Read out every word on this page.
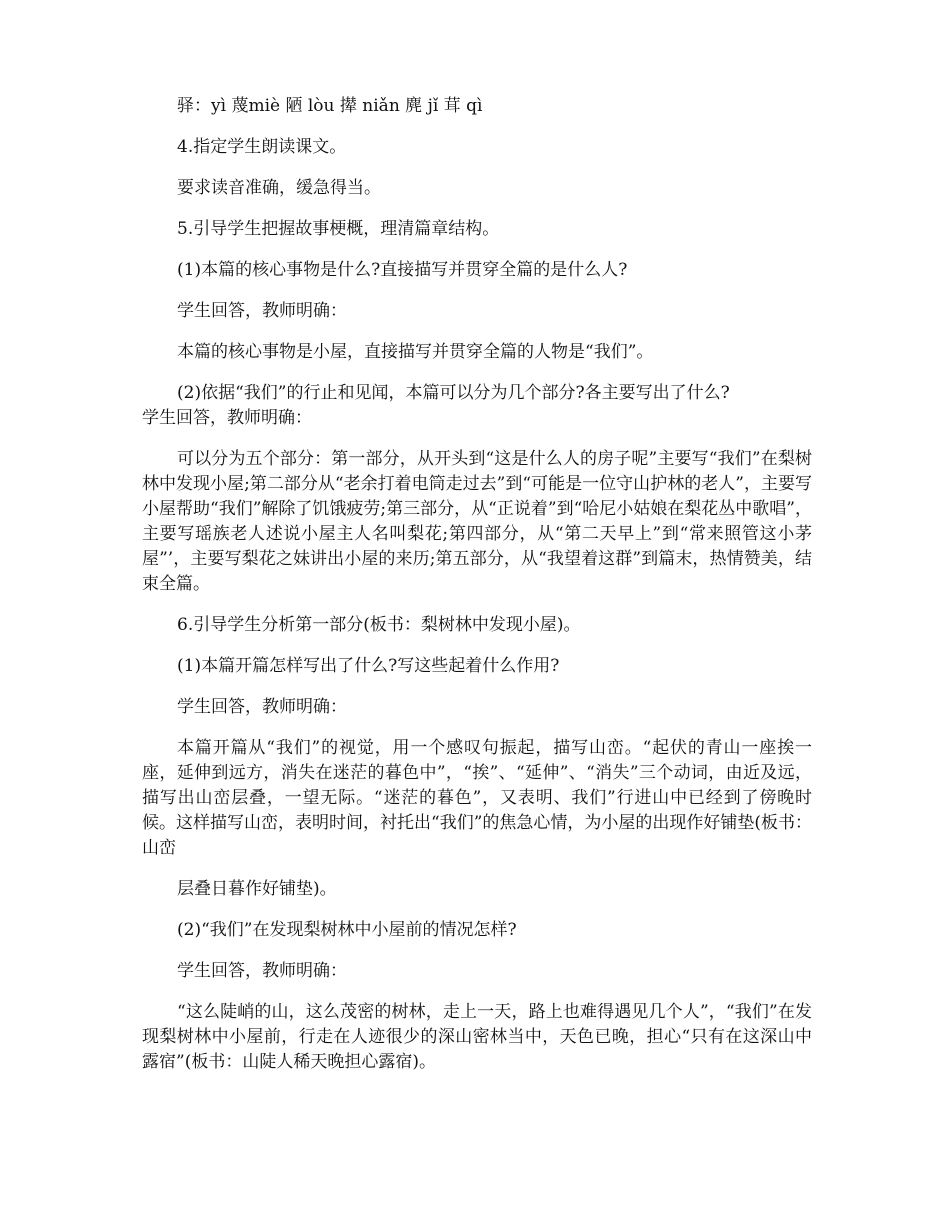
驿：yì 蔑miè 陋 lòu 撵 niǎn 麂 jǐ 茸 qì

4.指定学生朗读课文。

要求读音准确，缓急得当。

5.引导学生把握故事梗概，理清篇章结构。

(1)本篇的核心事物是什么?直接描写并贯穿全篇的是什么人?

学生回答，教师明确：

本篇的核心事物是小屋，直接描写并贯穿全篇的人物是“我们”。

(2)依据“我们”的行止和见闻，本篇可以分为几个部分?各主要写出了什么?

学生回答，教师明确：

可以分为五个部分：第一部分，从开头到“这是什么人的房子呢”主要写“我们”在梨树林中发现小屋;第二部分从“老余打着电筒走过去”到“可能是一位守山护林的老人”，主要写小屋帮助“我们”解除了饥饿疲劳;第三部分，从“正说着”到“哈尼小姑娘在梨花丛中歌唱”，主要写瑶族老人述说小屋主人名叫梨花;第四部分，从“第二天早上”到“常来照管这小茅屋”’，主要写梨花之妹讲出小屋的来历;第五部分，从“我望着这群”到篇末，热情赞美，结束全篇。

6.引导学生分析第一部分(板书：梨树林中发现小屋)。

(1)本篇开篇怎样写出了什么?写这些起着什么作用?

学生回答，教师明确：

本篇开篇从“我们”的视觉，用一个感叹句振起，描写山峦。“起伏的青山一座挨一座，延伸到远方，消失在迷茫的暮色中”，“挨”、“延伸”、“消失”三个动词，由近及远，描写出山峦层叠，一望无际。“迷茫的暮色”，又表明、我们”行进山中已经到了傍晚时候。这样描写山峦，表明时间，衬托出“我们”的焦急心情，为小屋的出现作好铺垫(板书：山峦

层叠日暮作好铺垫)。

(2)“我们”在发现梨树林中小屋前的情况怎样?

学生回答，教师明确：

“这么陡峭的山，这么茂密的树林，走上一天，路上也难得遇见几个人”，“我们”在发现梨树林中小屋前，行走在人迹很少的深山密林当中，天色已晚，担心“只有在这深山中露宿”(板书：山陡人稀天晚担心露宿)。
